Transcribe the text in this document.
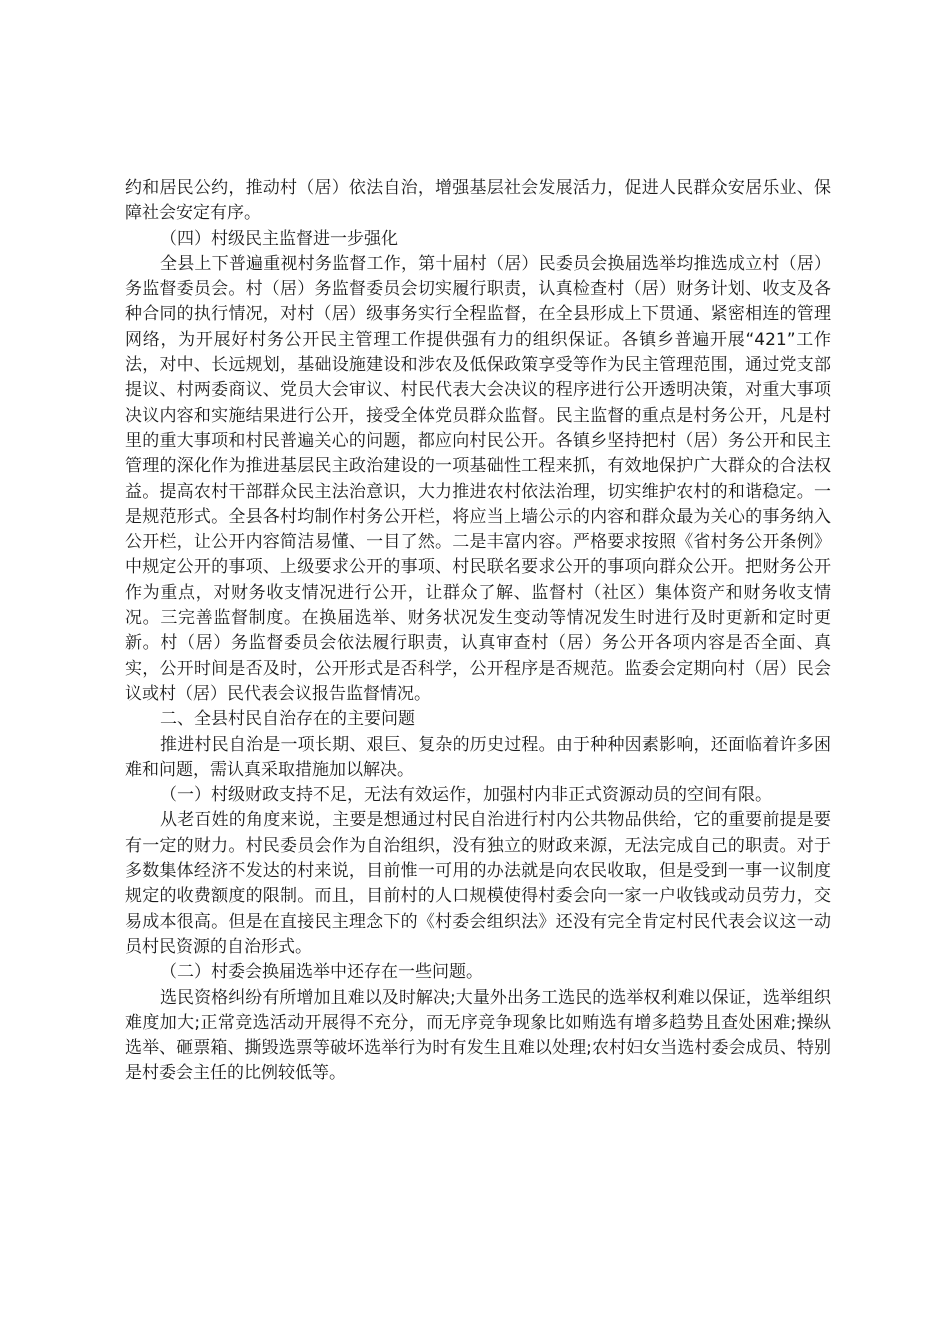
约和居民公约，推动村（居）依法自治，增强基层社会发展活力，促进人民群众安居乐业、保障社会安定有序。

（四）村级民主监督进一步强化

全县上下普遍重视村务监督工作，第十届村（居）民委员会换届选举均推选成立村（居）务监督委员会。村（居）务监督委员会切实履行职责，认真检查村（居）财务计划、收支及各种合同的执行情况，对村（居）级事务实行全程监督，在全县形成上下贯通、紧密相连的管理网络，为开展好村务公开民主管理工作提供强有力的组织保证。各镇乡普遍开展“421”工作法，对中、长远规划，基础设施建设和涉农及低保政策享受等作为民主管理范围，通过党支部提议、村两委商议、党员大会审议、村民代表大会决议的程序进行公开透明决策，对重大事项决议内容和实施结果进行公开，接受全体党员群众监督。民主监督的重点是村务公开，凡是村里的重大事项和村民普遍关心的问题，都应向村民公开。各镇乡坚持把村（居）务公开和民主管理的深化作为推进基层民主政治建设的一项基础性工程来抓，有效地保护广大群众的合法权益。提高农村干部群众民主法治意识，大力推进农村依法治理，切实维护农村的和谐稳定。一是规范形式。全县各村均制作村务公开栏，将应当上墙公示的内容和群众最为关心的事务纳入公开栏，让公开内容简洁易懂、一目了然。二是丰富内容。严格要求按照《省村务公开条例》中规定公开的事项、上级要求公开的事项、村民联名要求公开的事项向群众公开。把财务公开作为重点，对财务收支情况进行公开，让群众了解、监督村（社区）集体资产和财务收支情况。三完善监督制度。在换届选举、财务状况发生变动等情况发生时进行及时更新和定时更新。村（居）务监督委员会依法履行职责，认真审查村（居）务公开各项内容是否全面、真实，公开时间是否及时，公开形式是否科学，公开程序是否规范。监委会定期向村（居）民会议或村（居）民代表会议报告监督情况。

二、全县村民自治存在的主要问题

推进村民自治是一项长期、艰巨、复杂的历史过程。由于种种因素影响，还面临着许多困难和问题，需认真采取措施加以解决。

（一）村级财政支持不足，无法有效运作，加强村内非正式资源动员的空间有限。

从老百姓的角度来说，主要是想通过村民自治进行村内公共物品供给，它的重要前提是要有一定的财力。村民委员会作为自治组织，没有独立的财政来源，无法完成自己的职责。对于多数集体经济不发达的村来说，目前惟一可用的办法就是向农民收取，但是受到一事一议制度规定的收费额度的限制。而且，目前村的人口规模使得村委会向一家一户收钱或动员劳力，交易成本很高。但是在直接民主理念下的《村委会组织法》还没有完全肯定村民代表会议这一动员村民资源的自治形式。

（二）村委会换届选举中还存在一些问题。

选民资格纠纷有所增加且难以及时解决;大量外出务工选民的选举权利难以保证，选举组织难度加大;正常竞选活动开展得不充分，而无序竞争现象比如贿选有增多趋势且查处困难;操纵选举、砸票箱、撕毁选票等破坏选举行为时有发生且难以处理;农村妇女当选村委会成员、特别是村委会主任的比例较低等。
